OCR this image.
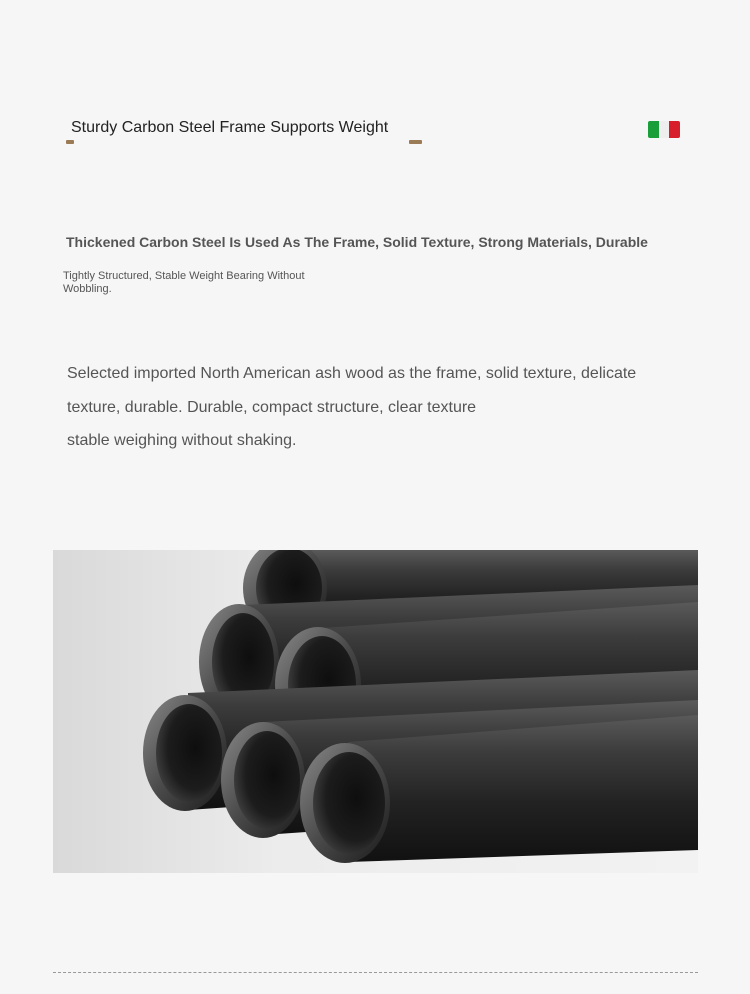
Sturdy Carbon Steel Frame Supports Weight
Thickened Carbon Steel Is Used As The Frame, Solid Texture, Strong Materials, Durable
Tightly Structured, Stable Weight Bearing Without Wobbling.
Selected imported North American ash wood as the frame, solid texture, delicate
texture, durable. Durable, compact structure, clear texture
stable weighing without shaking.
